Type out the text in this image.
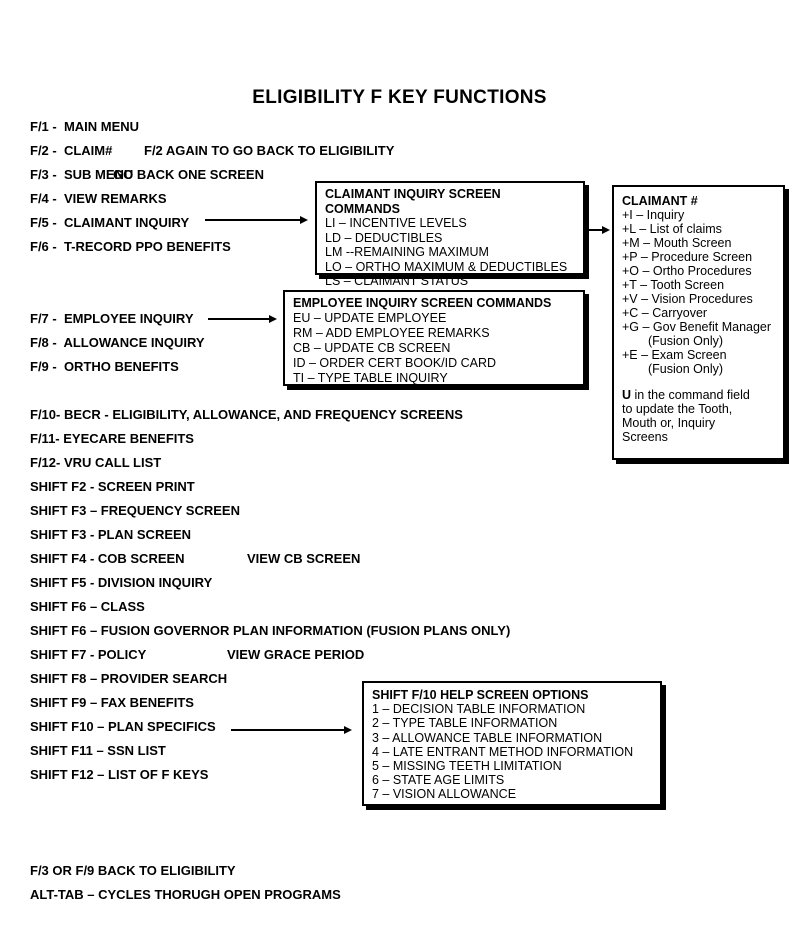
ELIGIBILITY F KEY FUNCTIONS
F/1 -  MAIN MENU
F/2 -  CLAIM# F/2 AGAIN TO GO BACK TO ELIGIBILITY
F/3 -  SUB MENU
GO BACK ONE SCREEN
F/4 -  VIEW REMARKS
F/5 -  CLAIMANT INQUIRY
F/6 -  T-RECORD PPO BENEFITS
F/7 -  EMPLOYEE INQUIRY
F/8 -  ALLOWANCE INQUIRY
F/9 -  ORTHO BENEFITS
F/10- BECR - ELIGIBILITY, ALLOWANCE, AND FREQUENCY SCREENS
F/11- EYECARE BENEFITS
F/12- VRU CALL LIST
SHIFT F2 - SCREEN PRINT
SHIFT F3 – FREQUENCY SCREEN
SHIFT F3 - PLAN SCREEN
SHIFT F4 - COB SCREEN	VIEW CB SCREEN
SHIFT F5 - DIVISION INQUIRY
SHIFT F6 – CLASS
SHIFT F6 – FUSION GOVERNOR PLAN INFORMATION (FUSION PLANS ONLY)
SHIFT F7 - POLICY	VIEW GRACE PERIOD
SHIFT F8 – PROVIDER SEARCH
SHIFT F9 – FAX BENEFITS
SHIFT F10 – PLAN SPECIFICS
SHIFT F11 – SSN LIST
SHIFT F12 – LIST OF F KEYS
F/3 OR F/9 BACK TO ELIGIBILITY
ALT-TAB – CYCLES THORUGH OPEN PROGRAMS
CLAIMANT INQUIRY SCREEN COMMANDS
LI – INCENTIVE LEVELS
LD – DEDUCTIBLES
LM --REMAINING MAXIMUM
LO – ORTHO MAXIMUM & DEDUCTIBLES
LS – CLAIMANT STATUS
EMPLOYEE INQUIRY SCREEN COMMANDS
EU – UPDATE EMPLOYEE
RM – ADD EMPLOYEE REMARKS
CB – UPDATE CB SCREEN
ID – ORDER CERT BOOK/ID CARD
TI – TYPE TABLE INQUIRY
CLAIMANT #
+I – Inquiry
+L – List of claims
+M – Mouth Screen
+P – Procedure Screen
+O – Ortho Procedures
+T – Tooth Screen
+V – Vision Procedures
+C – Carryover
+G – Gov Benefit Manager
(Fusion Only)
+E – Exam Screen
(Fusion Only)
U in the command field
to update the Tooth,
Mouth or, Inquiry
Screens
SHIFT F/10 HELP SCREEN OPTIONS
1 – DECISION TABLE INFORMATION
2 – TYPE TABLE INFORMATION
3 – ALLOWANCE TABLE INFORMATION
4 – LATE ENTRANT METHOD INFORMATION
5 – MISSING TEETH LIMITATION
6 – STATE AGE LIMITS
7 – VISION ALLOWANCE
